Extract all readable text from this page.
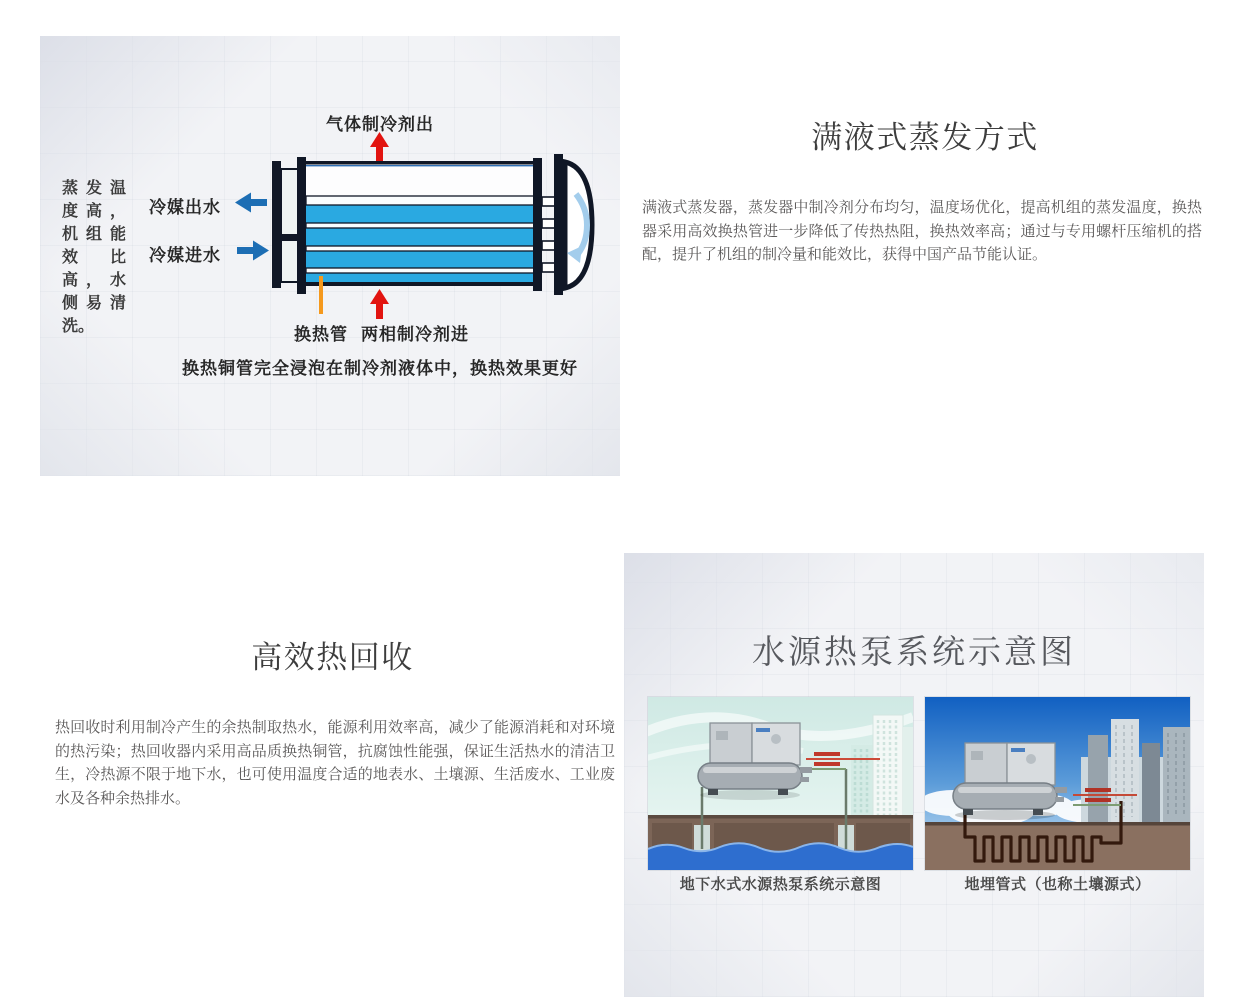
蒸发温
度高，
机组能
效比
高，水
侧易清
洗。
气体制冷剂出
冷媒出水
冷媒进水
换热管 两相制冷剂进
换热铜管完全浸泡在制冷剂液体中，换热效果更好
满液式蒸发方式
满液式蒸发器，蒸发器中制冷剂分布均匀，温度场优化，提高机组的蒸发温度，换热器采用高效换热管进一步降低了传热热阻，换热效率高；通过与专用螺杆压缩机的搭配，提升了机组的制冷量和能效比，获得中国产品节能认证。
高效热回收
热回收时利用制冷产生的余热制取热水，能源利用效率高，减少了能源消耗和对环境的热污染；热回收器内采用高品质换热铜管，抗腐蚀性能强，保证生活热水的清洁卫生，冷热源不限于地下水，也可使用温度合适的地表水、土壤源、生活废水、工业废水及各种余热排水。
水源热泵系统示意图
地下水式水源热泵系统示意图	地埋管式（也称土壤源式）
